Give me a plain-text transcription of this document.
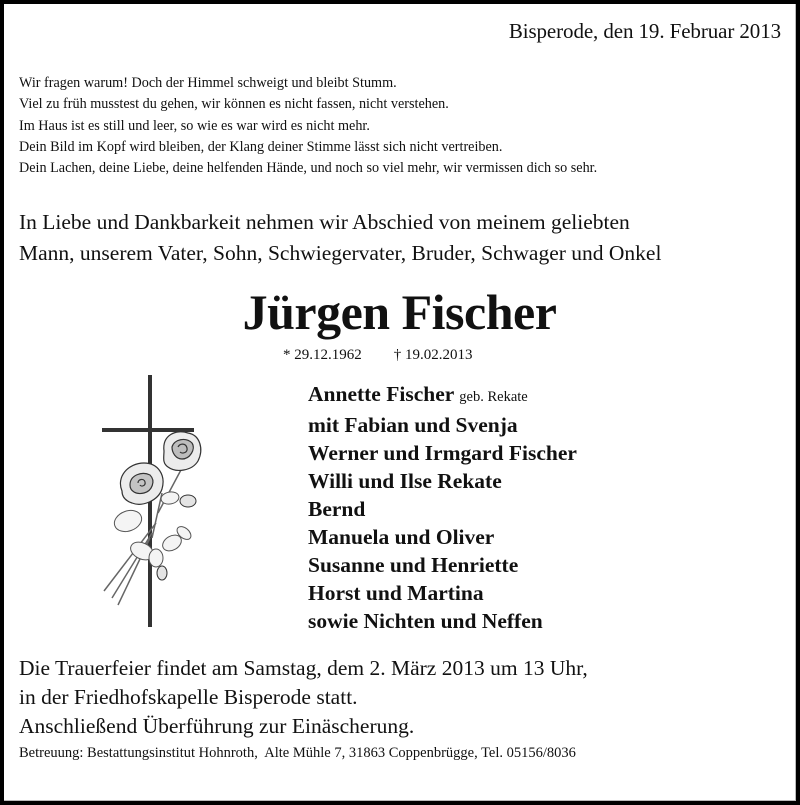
Bisperode, den 19. Februar 2013
Wir fragen warum! Doch der Himmel schweigt und bleibt Stumm.
Viel zu früh musstest du gehen, wir können es nicht fassen, nicht verstehen.
Im Haus ist es still und leer, so wie es war wird es nicht mehr.
Dein Bild im Kopf wird bleiben, der Klang deiner Stimme lässt sich nicht vertreiben.
Dein Lachen, deine Liebe, deine helfenden Hände, und noch so viel mehr, wir vermissen dich so sehr.
In Liebe und Dankbarkeit nehmen wir Abschied von meinem geliebten
Mann, unserem Vater, Sohn, Schwiegervater, Bruder, Schwager und Onkel
Jürgen Fischer
* 29.12.1962 † 19.02.2013
Annette Fischer geb. Rekate
mit Fabian und Svenja
Werner und Irmgard Fischer
Willi und Ilse Rekate
Bernd
Manuela und Oliver
Susanne und Henriette
Horst und Martina
sowie Nichten und Neffen
Die Trauerfeier findet am Samstag, dem 2. März 2013 um 13 Uhr,
in der Friedhofskapelle Bisperode statt.
Anschließend Überführung zur Einäscherung.
Betreuung: Bestattungsinstitut Hohnroth,  Alte Mühle 7, 31863 Coppenbrügge, Tel. 05156/8036
